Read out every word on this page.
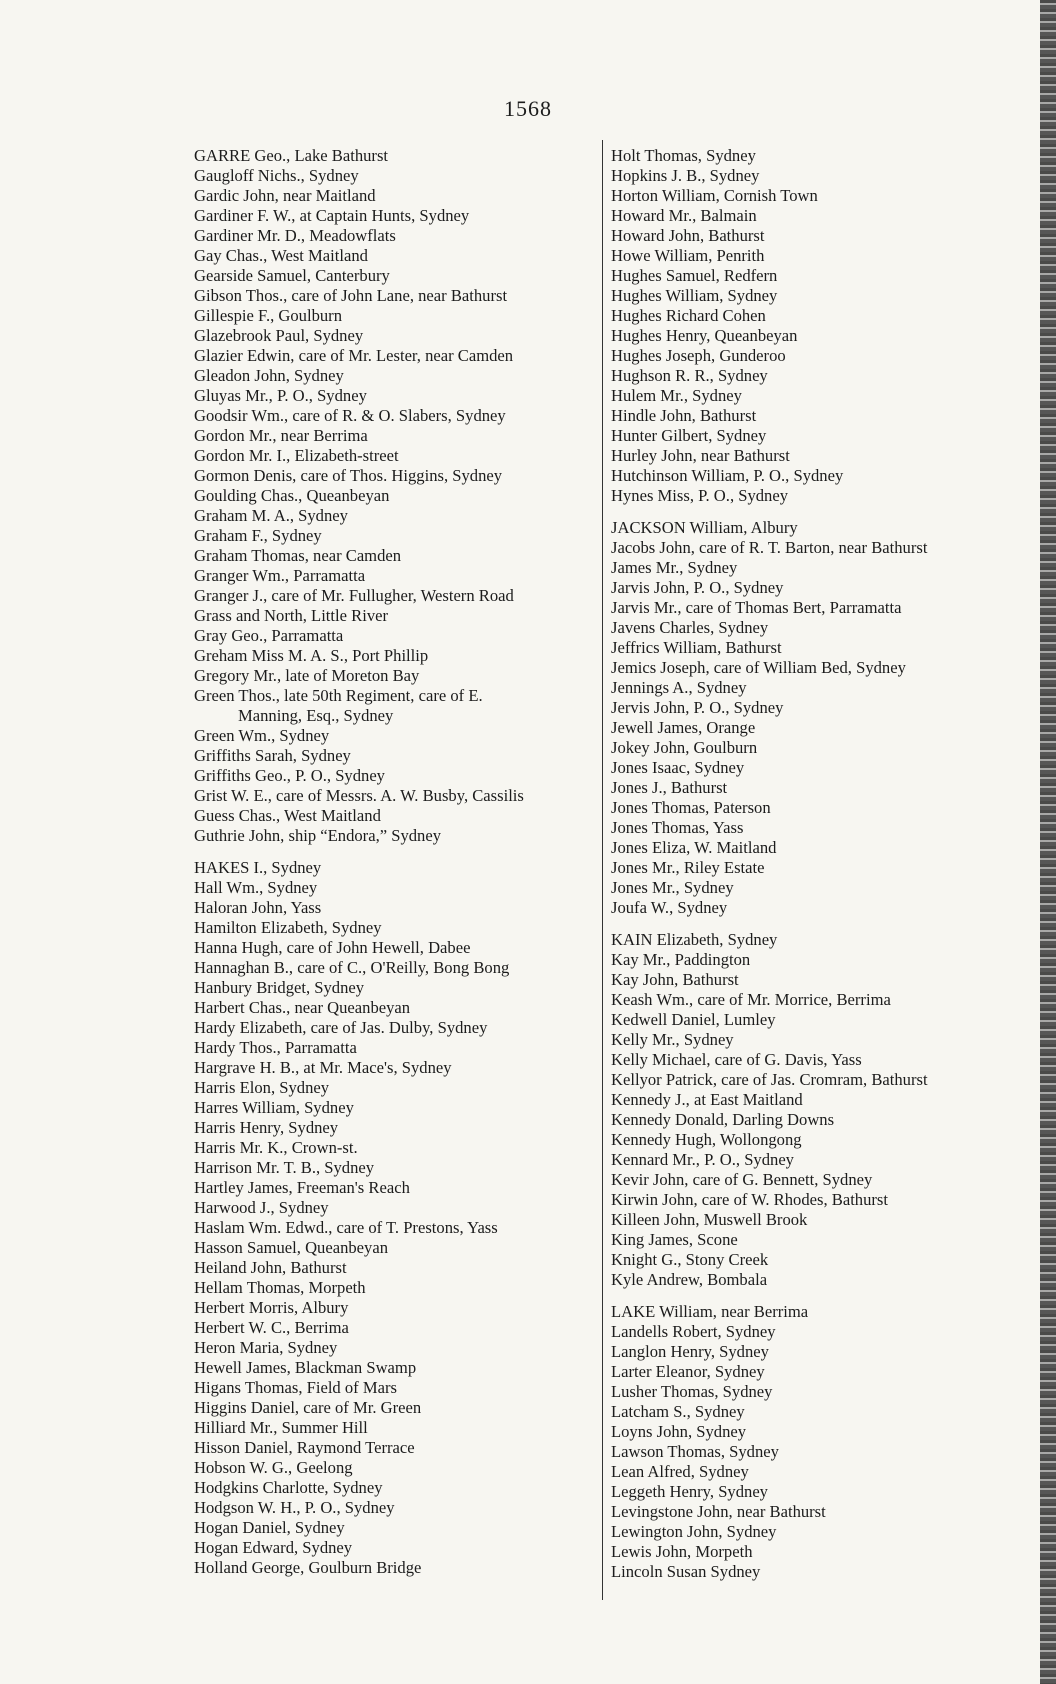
1568
GARRE Geo., Lake Bathurst
Gaugloff Nichs., Sydney
Gardic John, near Maitland
Gardiner F. W., at Captain Hunts, Sydney
Gardiner Mr. D., Meadowflats
Gay Chas., West Maitland
Gearside Samuel, Canterbury
Gibson Thos., care of John Lane, near Bathurst
Gillespie F., Goulburn
Glazebrook Paul, Sydney
Glazier Edwin, care of Mr. Lester, near Camden
Gleadon John, Sydney
Gluyas Mr., P. O., Sydney
Goodsir Wm., care of R. & O. Slabers, Sydney
Gordon Mr., near Berrima
Gordon Mr. I., Elizabeth-street
Gormon Denis, care of Thos. Higgins, Sydney
Goulding Chas., Queanbeyan
Graham M. A., Sydney
Graham F., Sydney
Graham Thomas, near Camden
Granger Wm., Parramatta
Granger J., care of Mr. Fullugher, Western Road
Grass and North, Little River
Gray Geo., Parramatta
Greham Miss M. A. S., Port Phillip
Gregory Mr., late of Moreton Bay
Green Thos., late 50th Regiment, care of E.
Manning, Esq., Sydney
Green Wm., Sydney
Griffiths Sarah, Sydney
Griffiths Geo., P. O., Sydney
Grist W. E., care of Messrs. A. W. Busby, Cassilis
Guess Chas., West Maitland
Guthrie John, ship “Endora,” Sydney
HAKES I., Sydney
Hall Wm., Sydney
Haloran John, Yass
Hamilton Elizabeth, Sydney
Hanna Hugh, care of John Hewell, Dabee
Hannaghan B., care of C., O'Reilly, Bong Bong
Hanbury Bridget, Sydney
Harbert Chas., near Queanbeyan
Hardy Elizabeth, care of Jas. Dulby, Sydney
Hardy Thos., Parramatta
Hargrave H. B., at Mr. Mace's, Sydney
Harris Elon, Sydney
Harres William, Sydney
Harris Henry, Sydney
Harris Mr. K., Crown-st.
Harrison Mr. T. B., Sydney
Hartley James, Freeman's Reach
Harwood J., Sydney
Haslam Wm. Edwd., care of T. Prestons, Yass
Hasson Samuel, Queanbeyan
Heiland John, Bathurst
Hellam Thomas, Morpeth
Herbert Morris, Albury
Herbert W. C., Berrima
Heron Maria, Sydney
Hewell James, Blackman Swamp
Higans Thomas, Field of Mars
Higgins Daniel, care of Mr. Green
Hilliard Mr., Summer Hill
Hisson Daniel, Raymond Terrace
Hobson W. G., Geelong
Hodgkins Charlotte, Sydney
Hodgson W. H., P. O., Sydney
Hogan Daniel, Sydney
Hogan Edward, Sydney
Holland George, Goulburn Bridge
Holt Thomas, Sydney
Hopkins J. B., Sydney
Horton William, Cornish Town
Howard Mr., Balmain
Howard John, Bathurst
Howe William, Penrith
Hughes Samuel, Redfern
Hughes William, Sydney
Hughes Richard Cohen
Hughes Henry, Queanbeyan
Hughes Joseph, Gunderoo
Hughson R. R., Sydney
Hulem Mr., Sydney
Hindle John, Bathurst
Hunter Gilbert, Sydney
Hurley John, near Bathurst
Hutchinson William, P. O., Sydney
Hynes Miss, P. O., Sydney
JACKSON William, Albury
Jacobs John, care of R. T. Barton, near Bathurst
James Mr., Sydney
Jarvis John, P. O., Sydney
Jarvis Mr., care of Thomas Bert, Parramatta
Javens Charles, Sydney
Jeffrics William, Bathurst
Jemics Joseph, care of William Bed, Sydney
Jennings A., Sydney
Jervis John, P. O., Sydney
Jewell James, Orange
Jokey John, Goulburn
Jones Isaac, Sydney
Jones J., Bathurst
Jones Thomas, Paterson
Jones Thomas, Yass
Jones Eliza, W. Maitland
Jones Mr., Riley Estate
Jones Mr., Sydney
Joufa W., Sydney
KAIN Elizabeth, Sydney
Kay Mr., Paddington
Kay John, Bathurst
Keash Wm., care of Mr. Morrice, Berrima
Kedwell Daniel, Lumley
Kelly Mr., Sydney
Kelly Michael, care of G. Davis, Yass
Kellyor Patrick, care of Jas. Cromram, Bathurst
Kennedy J., at East Maitland
Kennedy Donald, Darling Downs
Kennedy Hugh, Wollongong
Kennard Mr., P. O., Sydney
Kevir John, care of G. Bennett, Sydney
Kirwin John, care of W. Rhodes, Bathurst
Killeen John, Muswell Brook
King James, Scone
Knight G., Stony Creek
Kyle Andrew, Bombala
LAKE William, near Berrima
Landells Robert, Sydney
Langlon Henry, Sydney
Larter Eleanor, Sydney
Lusher Thomas, Sydney
Latcham S., Sydney
Loyns John, Sydney
Lawson Thomas, Sydney
Lean Alfred, Sydney
Leggeth Henry, Sydney
Levingstone John, near Bathurst
Lewington John, Sydney
Lewis John, Morpeth
Lincoln Susan Sydney
